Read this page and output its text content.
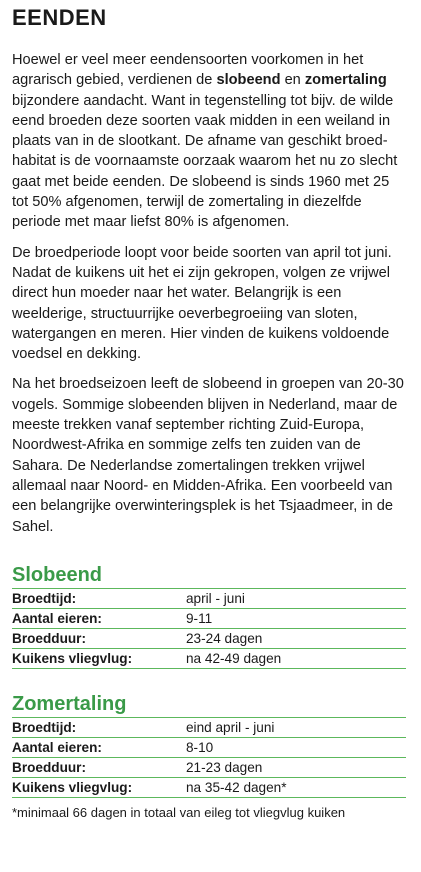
EENDEN

Hoewel er veel meer eendensoorten voorkomen in het agrarisch gebied, verdienen de slobeend en zomertaling bijzondere aandacht. Want in tegenstelling tot bijv. de wilde eend broeden deze soorten vaak midden in een weiland in plaats van in de slootkant. De afname van geschikt broed-habitat is de voornaamste oorzaak waarom het nu zo slecht gaat met beide eenden. De slobeend is sinds 1960 met 25 tot 50% afgenomen, terwijl de zomertaling in diezelfde periode met maar liefst 80% is afgenomen.

De broedperiode loopt voor beide soorten van april tot juni. Nadat de kuikens uit het ei zijn gekropen, volgen ze vrijwel direct hun moeder naar het water. Belangrijk is een weelderige, structuurrijke oeverbegroeiing van sloten, watergangen en meren. Hier vinden de kuikens voldoende voedsel en dekking.

Na het broedseizoen leeft de slobeend in groepen van 20-30 vogels. Sommige slobeenden blijven in Nederland, maar de meeste trekken vanaf september richting Zuid-Europa, Noordwest-Afrika en sommige zelfs ten zuiden van de Sahara. De Nederlandse zomertalingen trekken vrijwel allemaal naar Noord- en Midden-Afrika. Een voorbeeld van een belangrijke overwinteringsplek is het Tsjaadmeer, in de Sahel.

Slobeend
Broedtijd:	april - juni
Aantal eieren:	9-11
Broedduur:	23-24 dagen
Kuikens vliegvlug:	na 42-49 dagen
Zomertaling
Broedtijd:	eind april - juni
Aantal eieren:	8-10
Broedduur:	21-23 dagen
Kuikens vliegvlug:	na 35-42 dagen*

*minimaal 66 dagen in totaal van eileg tot vliegvlug kuiken
